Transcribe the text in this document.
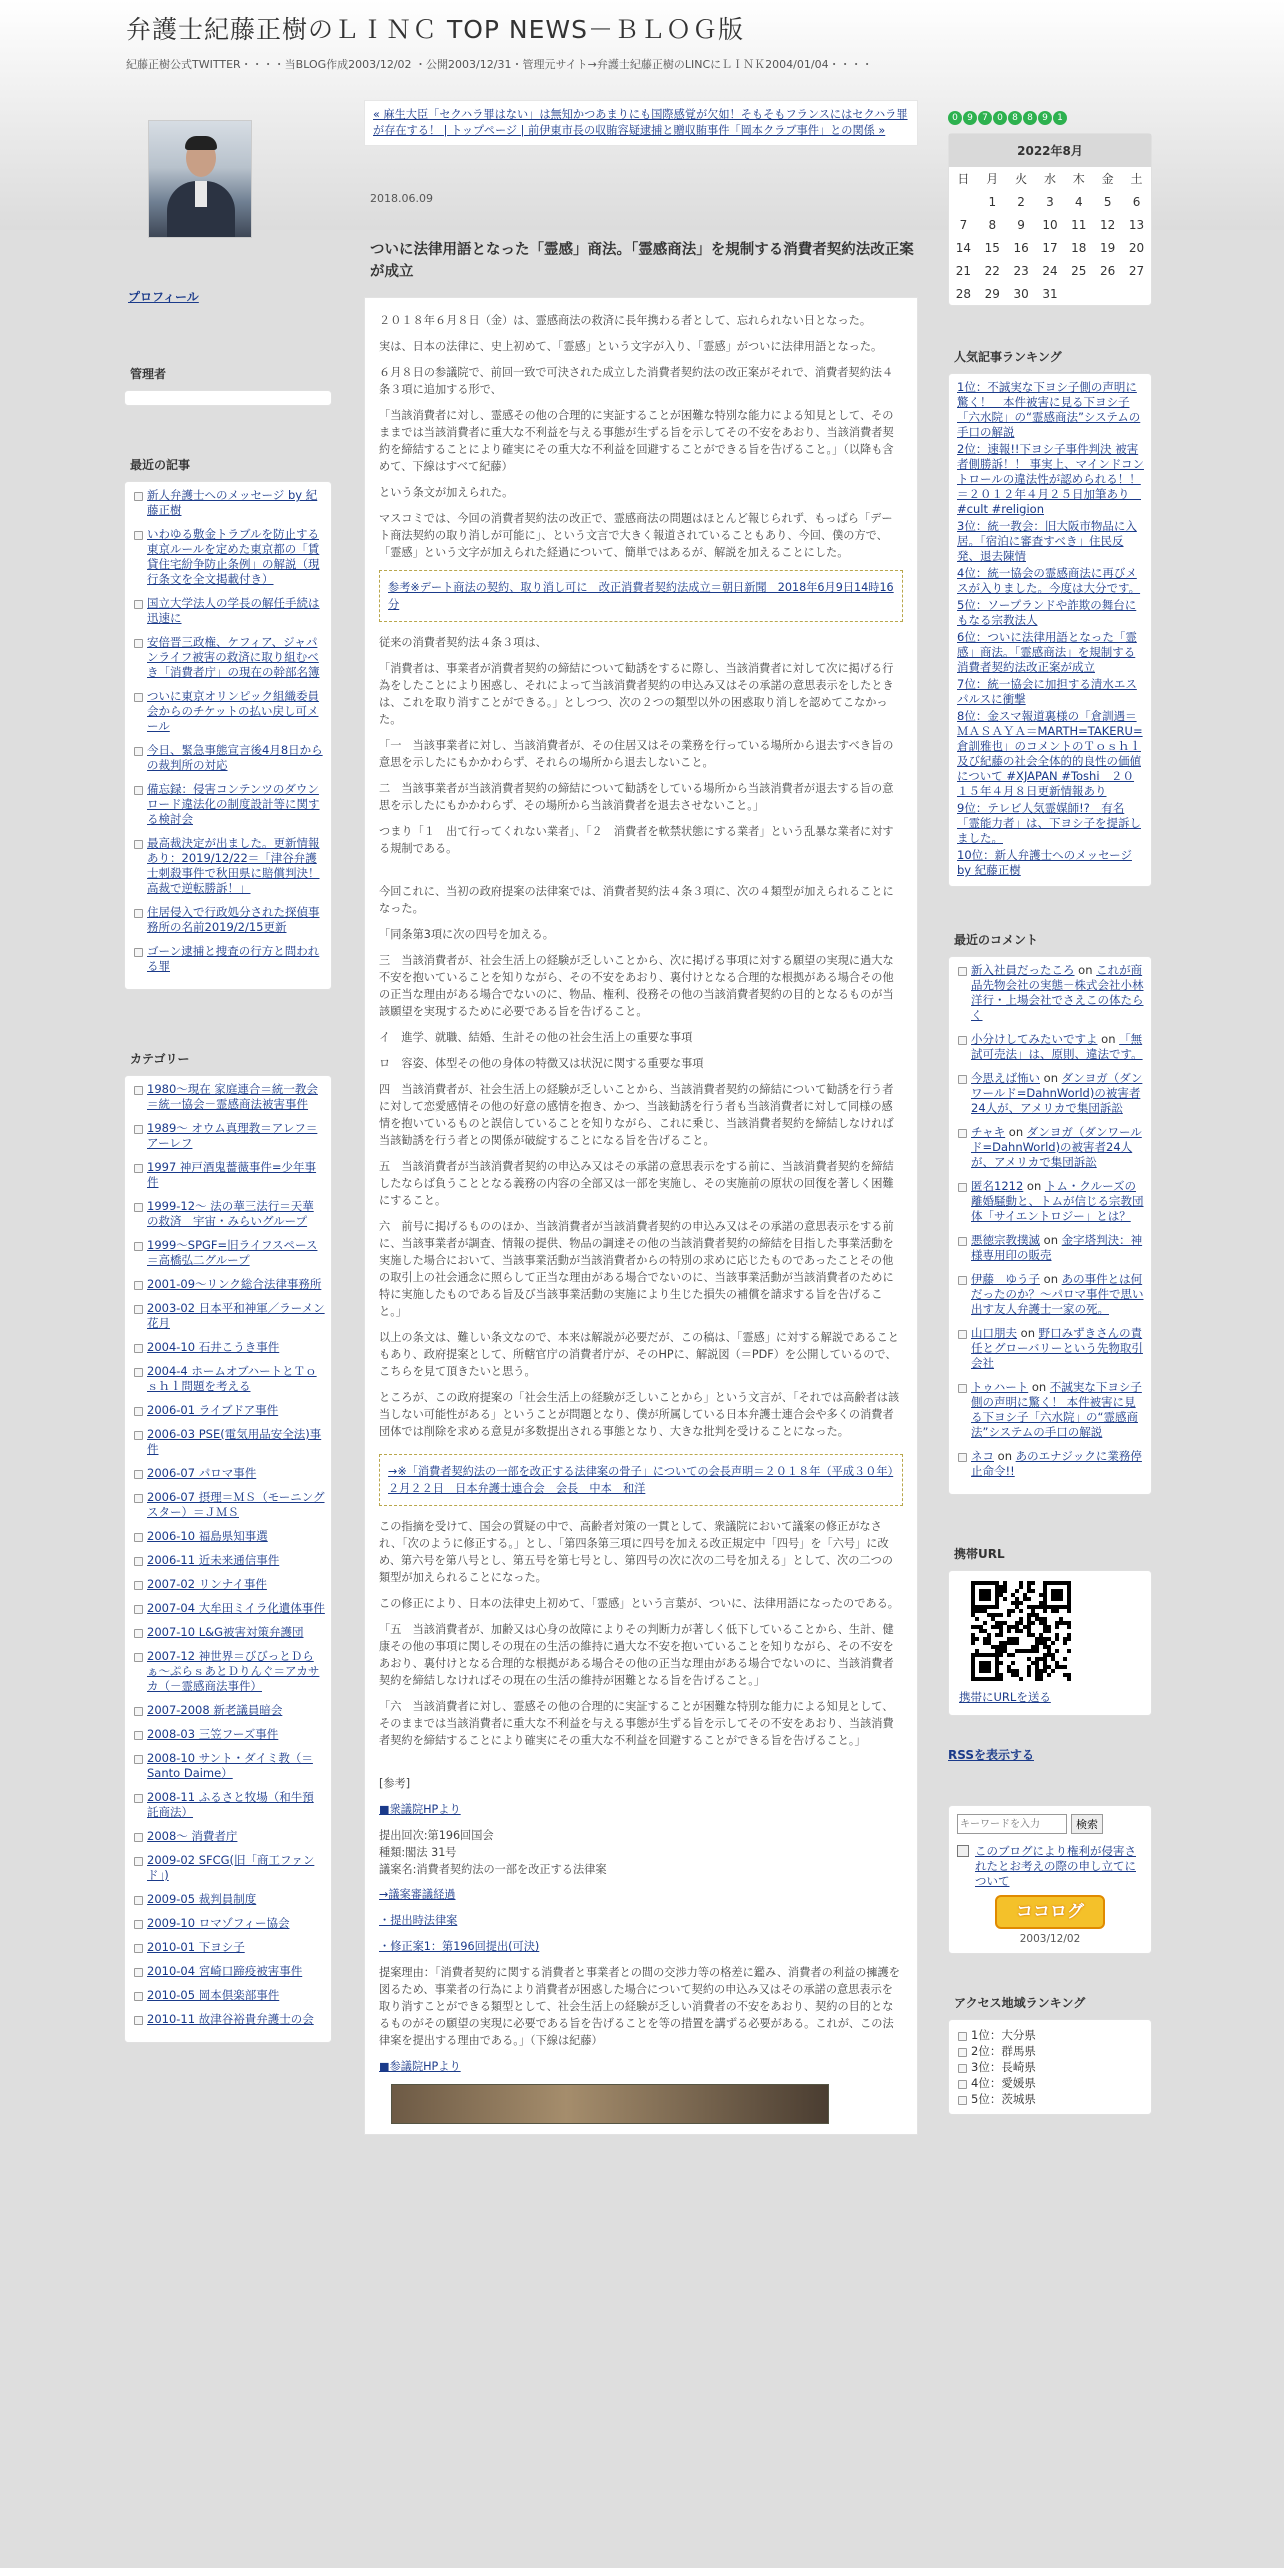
弁護士紀藤正樹のＬＩＮＣ TOP NEWS－ＢＬＯＧ版
紀藤正樹公式TWITTER・・・・当BLOG作成2003/12/02 ・公開2003/12/31・管理元サイト→弁護士紀藤正樹のLINCにＬＩＮＫ2004/01/04・・・・
プロフィール
管理者
最近の記事
新人弁護士へのメッセージ by 紀藤正樹
いわゆる敷金トラブルを防止する東京ルールを定めた東京都の「賃貸住宅紛争防止条例」の解説（現行条文を全文掲載付き）
国立大学法人の学長の解任手続は迅速に
安倍晋三政権、ケフィア、ジャパンライフ被害の救済に取り組むべき「消費者庁」の現在の幹部名簿
ついに東京オリンピック組織委員会からのチケットの払い戻し可メール
今日、緊急事態宣言後4月8日からの裁判所の対応
備忘録：侵害コンテンツのダウンロード違法化の制度設計等に関する検討会
最高裁決定が出ました。更新情報あり：2019/12/22＝「津谷弁護士刺殺事件で秋田県に賠償判決！高裁で逆転勝訴！」
住居侵入で行政処分された探偵事務所の名前2019/2/15更新
ゴーン逮捕と捜査の行方と問われる罪
カテゴリー
1980～現在 家庭連合＝統一教会＝統一協会－霊感商法被害事件
1989～ オウム真理教＝アレフ＝アーレフ
1997 神戸酒鬼薔薇事件=少年事件
1999-12～ 法の華三法行＝天華の救済　宇宙・みらいグループ
1999～SPGF=旧ライフスペース＝高橋弘二グループ
2001-09～リンク総合法律事務所
2003-02 日本平和神軍／ラーメン花月
2004-10 石井こうき事件
2004-4 ホームオブハートとＴｏｓｈｌ問題を考える
2006-01 ライブドア事件
2006-03 PSE(電気用品安全法)事件
2006-07 パロマ事件
2006-07 摂理＝ＭＳ（モーニングスター）＝ＪＭＳ
2006-10 福島県知事選
2006-11 近未来通信事件
2007-02 リンナイ事件
2007-04 大牟田ミイラ化遺体事件
2007-10 L&G被害対策弁護団
2007-12 神世界＝びびっとＤらぁ～ぷらｓあとＤりんぐ＝アカサカ（－霊感商法事件）
2007-2008 新老議員暗会
2008-03 三笠フーズ事件
2008-10 サント・ダイミ教（＝Santo Daime）
2008-11 ふるさと牧場（和牛預託商法）
2008～ 消費者庁
2009-02 SFCG(旧「商工ファンド」)
2009-05 裁判員制度
2009-10 ロマゾフィー協会
2010-01 下ヨシ子
2010-04 宮崎口蹄疫被害事件
2010-05 岡本倶楽部事件
2010-11 故津谷裕貴弁護士の会
« 麻生大臣「セクハラ罪はない」は無知かつあまりにも国際感覚が欠如！そもそもフランスにはセクハラ罪が存在する！ | トップページ | 前伊東市長の収賄容疑逮捕と贈収賄事件「岡本クラブ事件」との関係 »
2018.06.09
ついに法律用語となった「霊感」商法。「霊感商法」を規制する消費者契約法改正案が成立

２０１８年６月８日（金）は、霊感商法の救済に長年携わる者として、忘れられない日となった。

実は、日本の法律に、史上初めて、「霊感」という文字が入り、「霊感」がついに法律用語となった。

６月８日の参議院で、前回一致で可決された成立した消費者契約法の改正案がそれで、消費者契約法４条３項に追加する形で、

「当該消費者に対し、霊感その他の合理的に実証することが困難な特別な能力による知見として、そのままでは当該消費者に重大な不利益を与える事態が生ずる旨を示してその不安をあおり、当該消費者契約を締結することにより確実にその重大な不利益を回避することができる旨を告げること。」（以降も含めて、下線はすべて紀藤）

という条文が加えられた。

マスコミでは、今回の消費者契約法の改正で、霊感商法の問題はほとんど報じられず、もっぱら「デート商法契約の取り消しが可能に」、という文言で大きく報道されていることもあり、今回、僕の方で、「霊感」という文字が加えられた経過について、簡単ではあるが、解説を加えることにした。

参考※デート商法の契約、取り消し可に　改正消費者契約法成立＝朝日新聞　2018年6月9日14時16分

従来の消費者契約法４条３項は、

「消費者は、事業者が消費者契約の締結について勧誘をするに際し、当該消費者に対して次に掲げる行為をしたことにより困惑し、それによって当該消費者契約の申込み又はその承諾の意思表示をしたときは、これを取り消すことができる。」としつつ、次の２つの類型以外の困惑取り消しを認めてこなかった。

「一　当該事業者に対し、当該消費者が、その住居又はその業務を行っている場所から退去すべき旨の意思を示したにもかかわらず、それらの場所から退去しないこと。

二　当該事業者が当該消費者契約の締結について勧誘をしている場所から当該消費者が退去する旨の意思を示したにもかかわらず、その場所から当該消費者を退去させないこと。」

つまり「１　出て行ってくれない業者」、「２　消費者を軟禁状態にする業者」という乱暴な業者に対する規制である。

今回これに、当初の政府提案の法律案では、消費者契約法４条３項に、次の４類型が加えられることになった。

「同条第3項に次の四号を加える。

三　当該消費者が、社会生活上の経験が乏しいことから、次に掲げる事項に対する願望の実現に過大な不安を抱いていることを知りながら、その不安をあおり、裏付けとなる合理的な根拠がある場合その他の正当な理由がある場合でないのに、物品、権利、役務その他の当該消費者契約の目的となるものが当該願望を実現するために必要である旨を告げること。

イ　進学、就職、結婚、生計その他の社会生活上の重要な事項

ロ　容姿、体型その他の身体の特徴又は状況に関する重要な事項

四　当該消費者が、社会生活上の経験が乏しいことから、当該消費者契約の締結について勧誘を行う者に対して恋愛感情その他の好意の感情を抱き、かつ、当該勧誘を行う者も当該消費者に対して同様の感情を抱いているものと誤信していることを知りながら、これに乗じ、当該消費者契約を締結しなければ当該勧誘を行う者との関係が破綻することになる旨を告げること。

五　当該消費者が当該消費者契約の申込み又はその承諾の意思表示をする前に、当該消費者契約を締結したならば負うこととなる義務の内容の全部又は一部を実施し、その実施前の原状の回復を著しく困難にすること。

六　前号に掲げるもののほか、当該消費者が当該消費者契約の申込み又はその承諾の意思表示をする前に、当該事業者が調査、情報の提供、物品の調達その他の当該消費者契約の締結を目指した事業活動を実施した場合において、当該事業活動が当該消費者からの特別の求めに応じたものであったことその他の取引上の社会通念に照らして正当な理由がある場合でないのに、当該事業活動が当該消費者のために特に実施したものである旨及び当該事業活動の実施により生じた損失の補償を請求する旨を告げること。」

以上の条文は、難しい条文なので、本来は解説が必要だが、この稿は、「霊感」に対する解説であることもあり、政府提案として、所轄官庁の消費者庁が、そのHPに、解説図（＝PDF）を公開しているので、こちらを見て頂きたいと思う。

ところが、この政府提案の「社会生活上の経験が乏しいことから」という文言が、「それでは高齢者は該当しない可能性がある」ということが問題となり、僕が所属している日本弁護士連合会や多くの消費者団体では削除を求める意見が多数提出される事態となり、大きな批判を受けることになった。

→※「消費者契約法の一部を改正する法律案の骨子」についての会長声明＝２０１８年（平成３０年）２月２２日　日本弁護士連合会　会長　中本　和洋

この指摘を受けて、国会の質疑の中で、高齢者対策の一貫として、衆議院において議案の修正がなされ、「次のように修正する。」とし、「第四条第三項に四号を加える改正規定中「四号」を「六号」に改め、第六号を第八号とし、第五号を第七号とし、第四号の次に次の二号を加える」として、次の二つの類型が加えられることになった。

この修正により、日本の法律史上初めて、「霊感」という言葉が、ついに、法律用語になったのである。

「五　当該消費者が、加齢又は心身の故障によりその判断力が著しく低下していることから、生計、健康その他の事項に関しその現在の生活の維持に過大な不安を抱いていることを知りながら、その不安をあおり、裏付けとなる合理的な根拠がある場合その他の正当な理由がある場合でないのに、当該消費者契約を締結しなければその現在の生活の維持が困難となる旨を告げること。」

「六　当該消費者に対し、霊感その他の合理的に実証することが困難な特別な能力による知見として、そのままでは当該消費者に重大な不利益を与える事態が生ずる旨を示してその不安をあおり、当該消費者契約を締結することにより確実にその重大な不利益を回避することができる旨を告げること。」

[参考]

■衆議院HPより

提出回次:第196回国会
種類:閣法 31号
議案名:消費者契約法の一部を改正する法律案

→議案審議経過

・提出時法律案

・修正案1：第196回提出(可決)

提案理由：「消費者契約に関する消費者と事業者との間の交渉力等の格差に鑑み、消費者の利益の擁護を図るため、事業者の行為により消費者が困惑した場合について契約の申込み又はその承諾の意思表示を取り消すことができる類型として、社会生活上の経験が乏しい消費者の不安をあおり、契約の目的となるものがその願望の実現に必要である旨を告げることを等の措置を講ずる必要がある。これが、この法律案を提出する理由である。」（下線は紀藤）

■参議院HPより

0 9 7 0 8 8 9 1
2022年8月
日	月	火	水	木	金	土
	1	2	3	4	5	6
7	8	9	10	11	12	13
14	15	16	17	18	19	20
21	22	23	24	25	26	27
28	29	30	31			
人気記事ランキング
1位：不誠実な下ヨシ子側の声明に驚く！　本件被害に見る下ヨシ子「六水院」の“霊感商法”システムの手口の解説
2位：速報!!下ヨシ子事件判決 被害者側勝訴！！ 事実上、マインドコントロールの違法性が認められる！！＝２０１２年４月２５日加筆あり　#cult #religion
3位：統一教会：旧大阪市物品に入居。「宿泊に審査すべき」住民反発、退去陳情
4位：統一協会の霊感商法に再びメスが入りました。今度は大分です。
5位：ソープランドや詐欺の舞台にもなる宗教法人
6位：ついに法律用語となった「霊感」商法。「霊感商法」を規制する消費者契約法改正案が成立
7位：統一協会に加担する清水エスパルスに衝撃
8位：金スマ報道裏様の「倉訓遇＝ＭＡＳＡＹＡ＝MARTH=TAKERU=倉訓雅也」のコメントのＴｏｓｈｌ及び紀藤の社会全体的的良性の価値について #XJAPAN #Toshi　２０１５年４月８日更新情報あり
9位：テレビ人気霊媒師!?　有名「霊能力者」は、下ヨシ子を提訴しました。
10位：新人弁護士へのメッセージ by 紀藤正樹
最近のコメント
新入社員だったころ on これが商品先物会社の実態－株式会社小林洋行・上場会社でさえこの体たらく
小分けしてみたいですよ on 「無試可売法」は、原則、違法です。
今思えば怖い on ダンヨガ（ダンワールド=DahnWorld)の被害者24人が、アメリカで集団訴訟
チャキ on ダンヨガ（ダンワールド=DahnWorld)の被害者24人が、アメリカで集団訴訟
匿名1212 on トム・クルーズの離婚騒動と、トムが信じる宗教団体「サイエントロジー」とは？
悪徳宗教撲滅 on 金字塔判決：神様専用印の販売
伊藤　ゆう子 on あの事件とは何だったのか？～パロマ事件で思い出す友人弁護士一家の死。
山口朋夫 on 野口みずきさんの責任とグローバリーという先物取引会社
トゥハート on 不誠実な下ヨシ子側の声明に驚く！ 本件被害に見る下ヨシ子「六水院」の“霊感商法”システムの手口の解説
ネコ on あのエナジックに業務停止命令!!
携帯URL
携帯にURLを送る
RSSを表示する
キーワードを入力
検索
このブログにより権利が侵害されたとお考えの際の申し立てについて
ココログ
2003/12/02
アクセス地域ランキング
1位：大分県
2位：群馬県
3位：長崎県
4位：愛媛県
5位：茨城県
